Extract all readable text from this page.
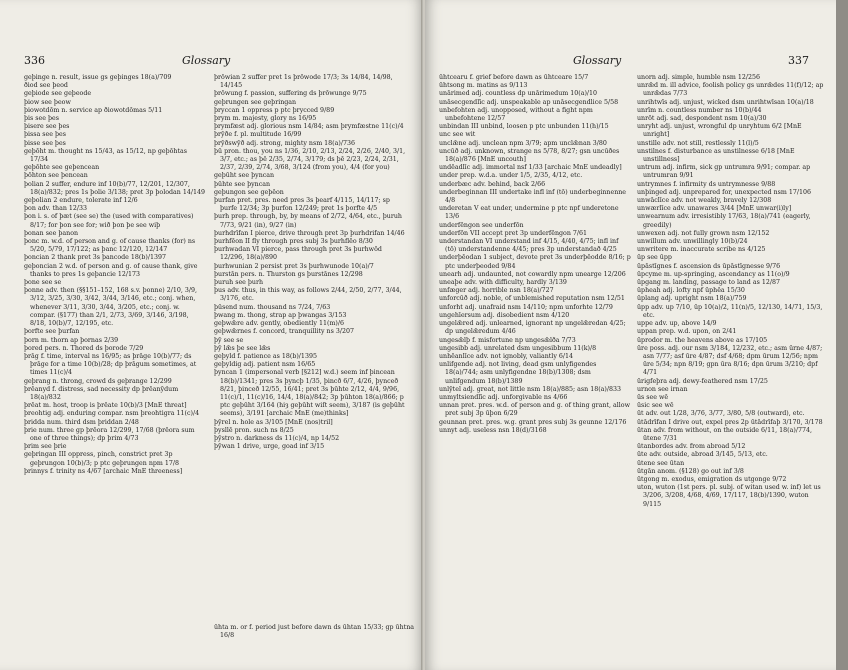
336	Glossary

geþinge n. result, issue gs geþinges 18(a)/709

ðiod see þeod

geþiode see geþeode

þiow see þeow

þiowotdōm n. service ap ðiowotdōmas 5/11

þis see þes

þisere see þes

þissa see þes

þisse see þes

geþōht m. thought ns 15/43, as 15/12, np geþōhtas 17/34

geþōhte see geþencean

þōhton see þencean

þolian 2 suffer, endure inf 10(b)/77, 12/201, 12/307, 18(a)/832; pres 1s þolie 3/138; pret 3p þolodan 14/149

geþolian 2 endure, tolerate inf 12/6

þon adv. than 12/33

þon i. s. of þæt (see se) the (used with comparatives) 8/17; for þon see for; wið þon þe see wiþ

þonan see þanon

þonc m. w.d. of person and g. of cause thanks (for) ns 5/20, 5/79, 17/122; as þanc 12/120, 12/147

þoncian 2 thank pret 3s þancode 18(b)/1397

geþoncian 2 w.d. of person and g. of cause thank, give thanks to pres 1s geþancie 12/173

þone see se

þonne adv. then (§§151–152, 168 s.v. þonne) 2/10, 3/9, 3/12, 3/25, 3/30, 3/42, 3/44, 3/146, etc.; conj. when, whenever 3/11, 3/30, 3/44, 3/205, etc.; conj. w. compar. (§177) than 2/1, 2/73, 3/69, 3/146, 3/198, 8/18, 10(b)/7, 12/195, etc.

þorfte see þurfan

þorn m. thorn ap þornas 2/39

þored pers. n. Thored ds þorode 7/29

þrāg f. time, interval ns 16/95; as þrāge 10(b)/77; ds þrāge for a time 10(b)/28; dp þrāgum sometimes, at times 11(c)/4

geþrang n. throng, crowd ds geþrange 12/299

þrēanyd f. distress, sad necessity dp þrēanȳdum 18(a)/832

þrēat m. host, troop is þrēate 10(b)/3 [MnE threat]

þreohtig adj. enduring compar. nsm þreohtigra 11(c)/4

þridda num. third dsm þriddan 2/48

þrie num. three gp þrēora 12/299, 17/68 (þrēora sum one of three things); dp þrim 4/73

þrim see þrie

geþringan III oppress, pinch, constrict pret 3p geþrungon 10(b)/3; p ptc geþrungen npm 17/8

þrinnys f. trinity ns 4/67 [archaic MnE threeness]

þrōwian 2 suffer pret 1s þrōwode 17/3; 3s 14/84, 14/98, 14/145

þrōwung f. passion, suffering ds þrōwunge 9/75

geþrungen see geþringan

þryccan 1 oppress p ptc þrycced 9/89

þrym m. majesty, glory ns 16/95

þrymfæst adj. glorious nsm 14/84; asm þrymfæstne 11(c)/4

þrȳðe f. pl. multitude 16/99

þrȳðswȳð adj. strong, mighty nsm 18(a)/736

þū pron. thou, you ns 1/36, 2/10, 2/13, 2/24, 2/26, 2/40, 3/1, 3/7, etc.; as þē 2/35, 2/74, 3/179; ds þē 2/23, 2/24, 2/31, 2/37, 2/39, 2/74, 3/68, 3/124 (from you), 4/4 (for you)

geþūht see þyncan

þūhte see þyncan

geþungon see geþēon

þurfan pret. pres. need pres 3s þearf 4/115, 14/117; sp þurfe 12/34; 3p þurfon 12/249; pret 1s þorfte 4/5

þurh prep. through, by, by means of 2/72, 4/64, etc., þuruh 7/73, 9/21 (in), 9/27 (in)

þurhdrīfan I pierce, drive through pret 3p þurhdrifan 14/46

þurhfēon II fly through pres subj 3s þurhflēo 8/30

þurhwadan VI pierce, pass through pret 3s þurhwōd 12/296, 18(a)/890

þurhwunian 2 persist pret 3s þurhwunode 10(a)/7

þurstān pers. n. Thurston gs þurstānes 12/298

þuruh see þurh

þus adv. thus, in this way, as follows 2/44, 2/50, 2/77, 3/44, 3/176, etc.

þūsend num. thousand ns 7/24, 7/63

þwang m. thong, strap ap þwangas 3/153

geþwǣre adv. gently, obediently 11(m)/6

geþwǣrnes f. concord, tranquillity ns 3/207

þȳ see se

þȳ lǣs þe see lǣs

geþyld f. patience as 18(b)/1395

geþyldig adj. patient nsm 16/65

þyncan 1 (impersonal verb [§212] w.d.) seem inf þincean 18(b)/1341; pres 3s þyncþ 1/35, þincð 6/7, 4/26, þynceð 8/21, þinceð 12/55, 16/41; pret 3s þūhte 2/12, 4/4, 9/96, 11(c)/1, 11(c)/16, 14/4, 18(a)/842; 3p þūhton 18(a)/866; p ptc geþūht 3/164 (hiȝ geþūht wiſt seem), 3/187 (is geþūht seems), 3/191 [archaic MnE (me)thinks]

þȳrel n. hole as 3/105 [MnE (nos)tril]

þysllē pron. such ns 8/25

þȳstro n. darkness ds 11(c)/4, np 14/52

þȳwan 1 drive, urge, goad inf 3/15

ūhta m. or f. period just before dawn ds ūhtan 15/33; gp ūhtna 16/8
Glossary	337

ūhtcearu f. grief before dawn as ūhtceare 15/7

ūhtsong m. matins as 9/113

unārimed adj. countless dp unārimedum 10(a)/10

unāsecgendlīc adj. unspeakable ap unāsecgendlice 5/58

unbefohten adj. unopposed, without a fight npm unbefohtene 12/57

unbindan III unbind, loosen p ptc unbunden 11(h)/15

unc see wit

unclǣne adj. unclean npm 3/79; apm unclǣnan 3/80

uncūð adj. unknown, strange ns 5/78, 8/27; gsn uncūðes 18(a)/876 [MnE uncouth]

undēadlīc adj. immortal nsf 1/33 [archaic MnE undeadly]

under prep. w.d.a. under 1/5, 2/35, 4/12, etc.

underbæc adv. behind, back 2/66

underbeginnan III undertake infl inf (tō) underbeginnenne 4/8

underetan V eat under, undermine p ptc npf underetone 13/6

underfēngon see underfōn

underfōn VII accept pret 3p underfēngon 7/61

understandan VI understand inf 4/15, 4/40, 4/75; infl inf (tō) understandenne 4/45; pres 3p understandað 4/25

underþēodan 1 subject, devote pret 3s underþēodde 8/16; p ptc underþeoded 9/84

unearh adj. undaunted, not cowardly npm unearge 12/206

uneaþe adv. with difficulty, hardly 3/139

unfæger adj. horrible nsn 18(a)/727

unforcūð adj. noble, of unblemished reputation nsm 12/51

unforht adj. unafraid nsm 14/110; npm unforhte 12/79

ungehīersum adj. disobedient nsm 4/120

ungelǣred adj. unlearned, ignorant np ungelǣredan 4/25; dp ungelǣredum 4/46

ungesǣlþ f. misfortune np ungesǣlða 7/73

ungesibb adj. unrelated dsm ungesibbum 11(k)/8

unhēanlīce adv. not ignobly, valiantly 6/14

unlifgende adj. not living, dead gsm unlyfigendes 18(a)/744; asm unlyfigendne 18(b)/1308; dsm unlifgendum 18(b)/1389

unlȳtel adj. great, not little nsm 18(a)/885; asn 18(a)/833

unmyltsiendlīc adj. unforgivable ns 4/66

unnan pret. pres. w.d. of person and g. of thing grant, allow pret subj 3p ūþon 6/29

geunnan pret. pres. w.g. grant pres subj 3s geunne 12/176

unnyt adj. useless nsn 18(d)/3168

unorn adj. simple, humble nsm 12/256

unrǣd m. ill advice, foolish policy gs unrǣdes 11(f)/12; ap unrǣdas 7/73

unrihtwīs adj. unjust, wicked dsm unrihtwīsan 10(a)/18

unrīm n. countless number ns 10(b)/44

unrōt adj. sad, despondent nsm 10(a)/30

unryht adj. unjust, wrongful dp unryhtum 6/2 [MnE unright]

unstille adv. not still, restlessly 11(l)/5

unstilnes f. disturbance as unstilnesse 6/18 [MnE unstillness]

untrum adj. infirm, sick gp untrumra 9/91; compar. ap untrumran 9/91

untrymnes f. infirmity ds untrymnesse 9/88

unþinged adj. unprepared for, unexpected nsm 17/106

unwāclīce adv. not weakly, bravely 12/308

unwærlīce adv. unawares 3/44 [MnE unwar(i)ly]

unwearnum adv. irresistibly 17/63, 18(a)/741 (eagerly, greedily)

unwexen adj. not fully grown nsm 12/152

unwillum adv. unwillingly 10(b)/24

unwritere m. inaccurate scribe ns 4/125

ūp see ūpp

ūpāstīgnes f. ascension ds ūpāstīgnesse 9/76

ūpcyme m. up-springing, ascendancy as 11(o)/9

ūpgang m. landing, passage to land as 12/87

ūpheah adj. lofty npf ūphēa 15/30

ūplang adj. upright nsm 18(a)/759

ūpp adv. up 7/10, ūp 10(a)/2, 11(n)/5, 12/130, 14/71, 15/3, etc.

uppe adv. up, above 14/9

uppan prep. w.d. upon, on 2/41

ūprodor m. the heavens above as 17/105

ūre poss. adj. our nsm 3/184, 12/232, etc.; asm ūrne 4/87; asn 7/77; asf ūre 4/87; dsf 4/68; dpm ūrum 12/56; npm ūre 5/34; npn 8/19; gpn ūra 8/16; dpn ūrum 3/210; dpf 4/71

ūrigfeþra adj. dewy-feathered nsm 17/25

urnon see irnan

ūs see wē

ūsic see wē

ūt adv. out 1/28, 3/76, 3/77, 3/80, 5/8 (outward), etc.

ūtādrīfan I drive out, expel pres 2p ūtādrīfaþ 3/170, 3/178

ūtan adv. from without, on the outside 6/11, 18(a)/774, ūtene 7/31

ūtanbordes adv. from abroad 5/12

ūte adv. outside, abroad 3/145, 5/13, etc.

ūtene see ūtan

ūtgān anom. (§128) go out inf 3/8

ūtgong m. exodus, emigration ds utgonge 9/72

uton, wuton (1st pers. pl. subj. of witan used w. inf) let us 3/206, 3/208, 4/68, 4/69, 17/117, 18(b)/1390, wuton 9/115
